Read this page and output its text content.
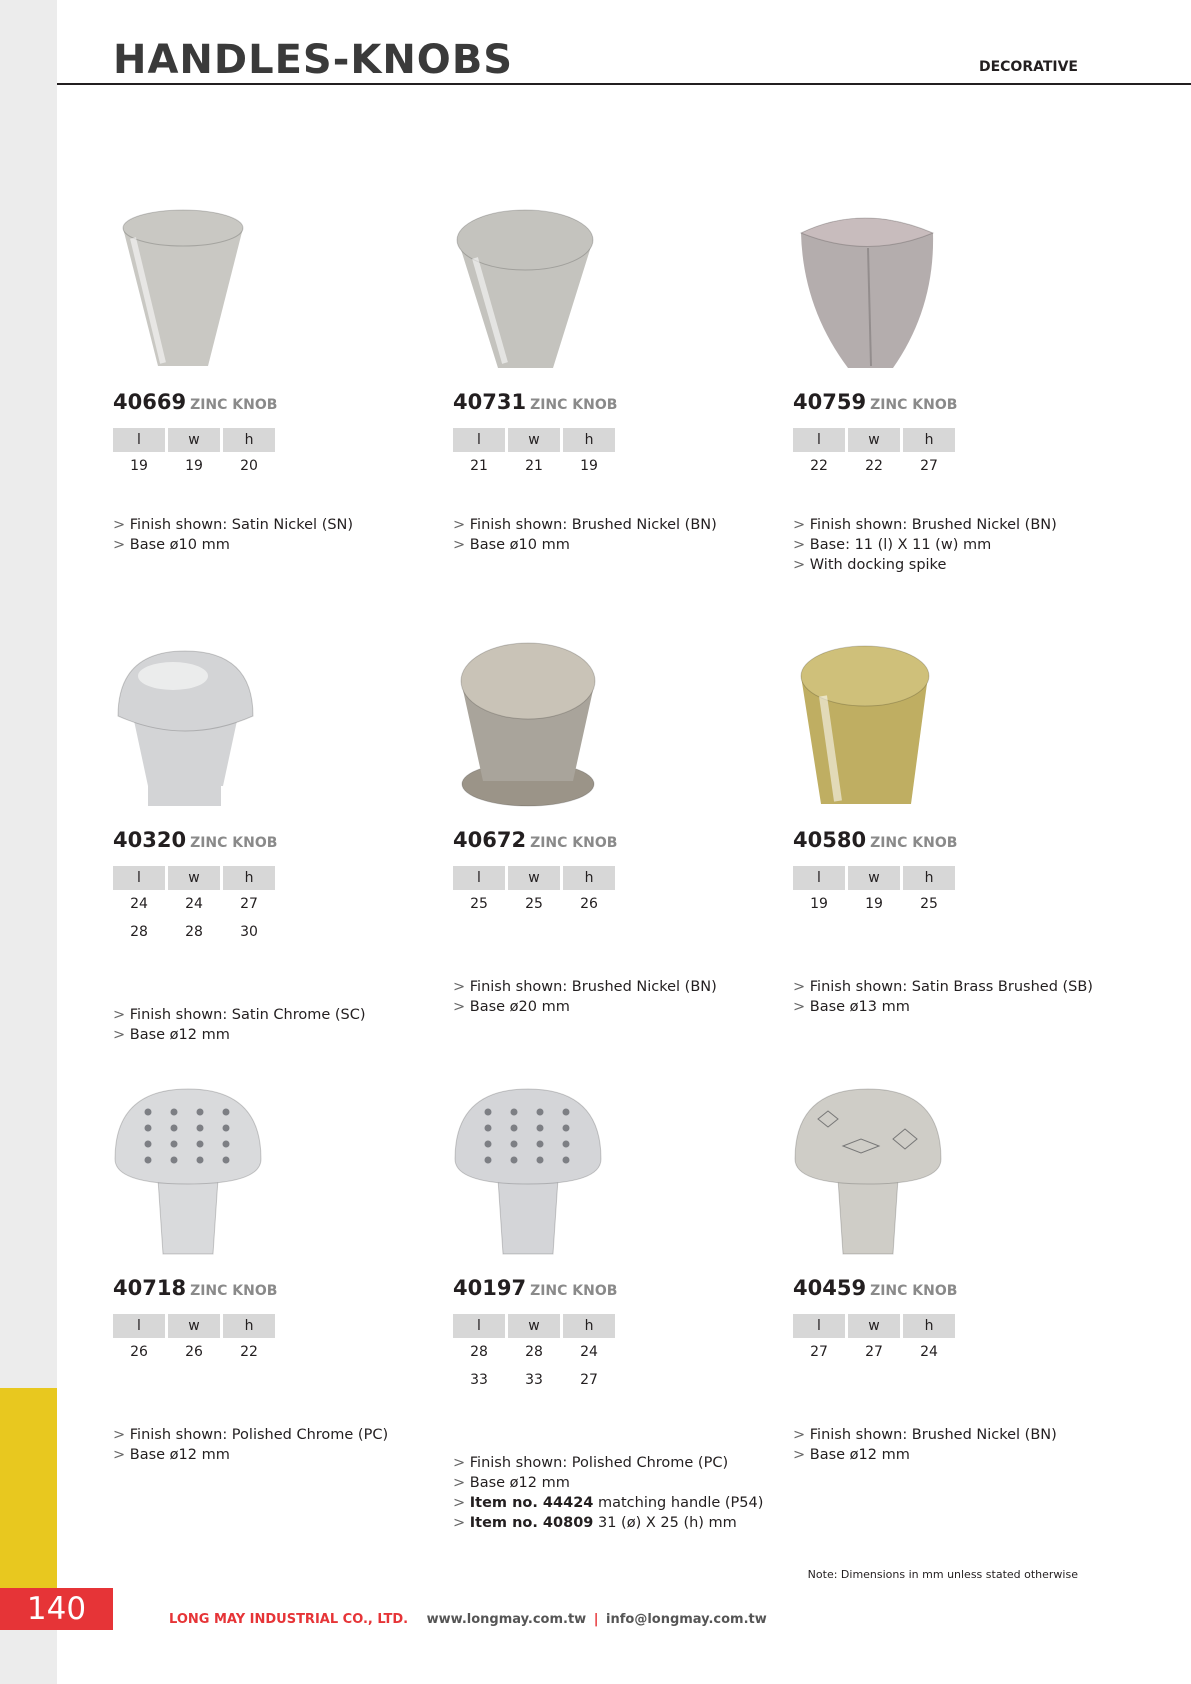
140
HANDLES-KNOBS	DECORATIVE
40669 ZINC KNOB
l	w	h
19	19	20
> Finish shown: Satin Nickel (SN)
> Base ø10 mm
40731 ZINC KNOB
l	w	h
21	21	19
> Finish shown: Brushed Nickel (BN)
> Base ø10 mm
40759 ZINC KNOB
l	w	h
22	22	27
> Finish shown: Brushed Nickel (BN)
> Base: 11 (l) X 11 (w) mm
> With docking spike
40320 ZINC KNOB
l	w	h
24	24	27
28	28	30
> Finish shown: Satin Chrome (SC)
> Base ø12 mm
40672 ZINC KNOB
l	w	h
25	25	26
> Finish shown: Brushed Nickel (BN)
> Base ø20 mm
40580 ZINC KNOB
l	w	h
19	19	25
> Finish shown: Satin Brass Brushed (SB)
> Base ø13 mm
40718 ZINC KNOB
l	w	h
26	26	22
> Finish shown: Polished Chrome (PC)
> Base ø12 mm
40197 ZINC KNOB
l	w	h
28	28	24
33	33	27
> Finish shown: Polished Chrome (PC)
> Base ø12 mm
> Item no. 44424 matching handle (P54)
> Item no. 40809 31 (ø) X 25 (h) mm
40459 ZINC KNOB
l	w	h
27	27	24
> Finish shown: Brushed Nickel (BN)
> Base ø12 mm
Note: Dimensions in mm unless stated otherwise
LONG MAY INDUSTRIAL CO., LTD. www.longmay.com.tw | info@longmay.com.tw
